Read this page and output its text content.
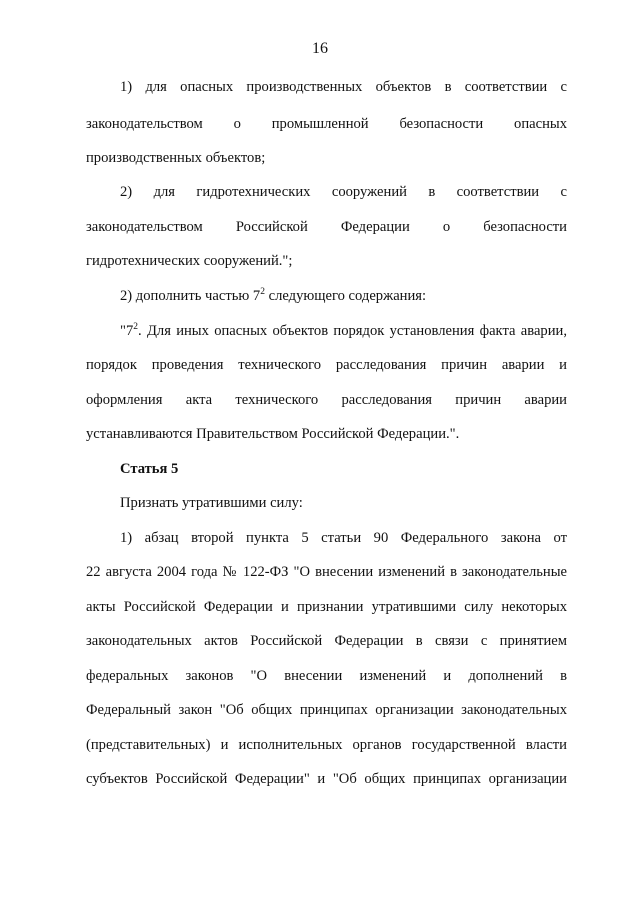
16
1) для опасных производственных объектов в соответствии с
законодательством о промышленной безопасности опасных
производственных объектов;
2) для гидротехнических сооружений в соответствии с
законодательством Российской Федерации о безопасности
гидротехнических сооружений.";
2) дополнить частью $7^2$ следующего содержания:
"$7^2$. Для иных опасных объектов порядок установления факта аварии,
порядок проведения технического расследования причин аварии и
оформления акта технического расследования причин аварии
устанавливаются Правительством Российской Федерации.".
Статья 5
Признать утратившими силу:
1) абзац второй пункта 5 статьи 90 Федерального закона от
22 августа 2004 года № 122-ФЗ "О внесении изменений в законодательные
акты Российской Федерации и признании утратившими силу некоторых
законодательных актов Российской Федерации в связи с принятием
федеральных законов "О внесении изменений и дополнений в
Федеральный закон "Об общих принципах организации законодательных
(представительных) и исполнительных органов государственной власти
субъектов Российской Федерации" и "Об общих принципах организации
